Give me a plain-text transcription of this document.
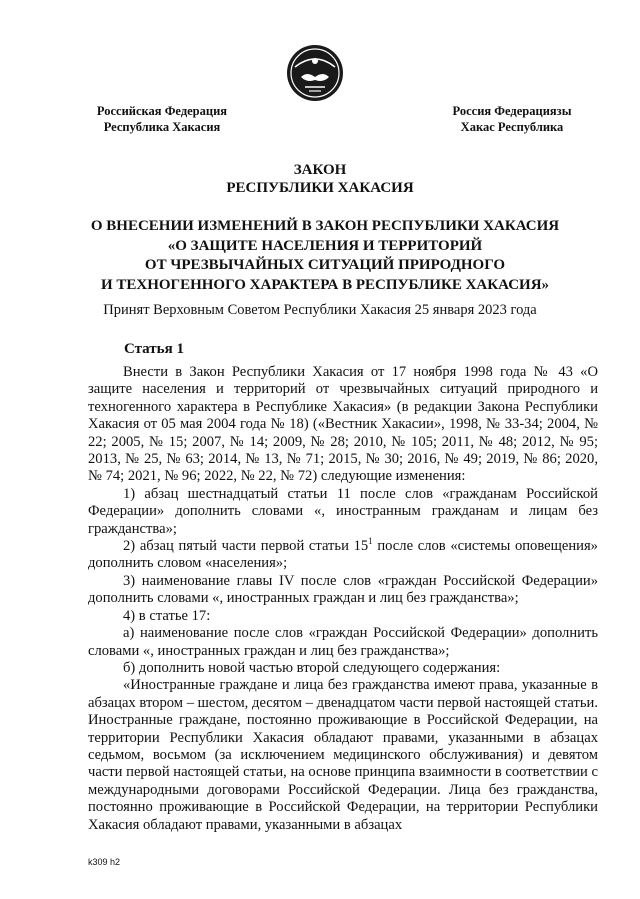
Российская Федерация
Республика Хакасия
Россия Федерациязы
Хакас Республика
ЗАКОН
РЕСПУБЛИКИ ХАКАСИЯ
О ВНЕСЕНИИ ИЗМЕНЕНИЙ В ЗАКОН РЕСПУБЛИКИ ХАКАСИЯ
«О ЗАЩИТЕ НАСЕЛЕНИЯ И ТЕРРИТОРИЙ
ОТ ЧРЕЗВЫЧАЙНЫХ СИТУАЦИЙ ПРИРОДНОГО
И ТЕХНОГЕННОГО ХАРАКТЕРА В РЕСПУБЛИКЕ ХАКАСИЯ»
Принят Верховным Советом Республики Хакасия 25 января 2023 года
Статья 1

Внести в Закон Республики Хакасия от 17 ноября 1998 года № 43 «О защите населения и территорий от чрезвычайных ситуаций природного и техногенного характера в Республике Хакасия» (в редакции Закона Республики Хакасия от 05 мая 2004 года № 18) («Вестник Хакасии», 1998, № 33-34; 2004, № 22; 2005, № 15; 2007, № 14; 2009, № 28; 2010, № 105; 2011, № 48; 2012, № 95; 2013, № 25, № 63; 2014, № 13, № 71; 2015, № 30; 2016, № 49; 2019, № 86; 2020, № 74; 2021, № 96; 2022, № 22, № 72) следующие изменения:

1) абзац шестнадцатый статьи 11 после слов «гражданам Российской Федерации» дополнить словами «, иностранным гражданам и лицам без гражданства»;

2) абзац пятый части первой статьи $15^1$ после слов «системы оповещения» дополнить словом «населения»;

3) наименование главы IV после слов «граждан Российской Федерации» дополнить словами «, иностранных граждан и лиц без гражданства»;

4) в статье 17:

а) наименование после слов «граждан Российской Федерации» дополнить словами «, иностранных граждан и лиц без гражданства»;

б) дополнить новой частью второй следующего содержания:

«Иностранные граждане и лица без гражданства имеют права, указанные в абзацах втором – шестом, десятом – двенадцатом части первой настоящей статьи. Иностранные граждане, постоянно проживающие в Российской Федерации, на территории Республики Хакасия обладают правами, указанными в абзацах седьмом, восьмом (за исключением медицинского обслуживания) и девятом части первой настоящей статьи, на основе принципа взаимности в соответствии с международными договорами Российской Федерации. Лица без гражданства, постоянно проживающие в Российской Федерации, на территории Республики Хакасия обладают правами, указанными в абзацах

k309 h2
